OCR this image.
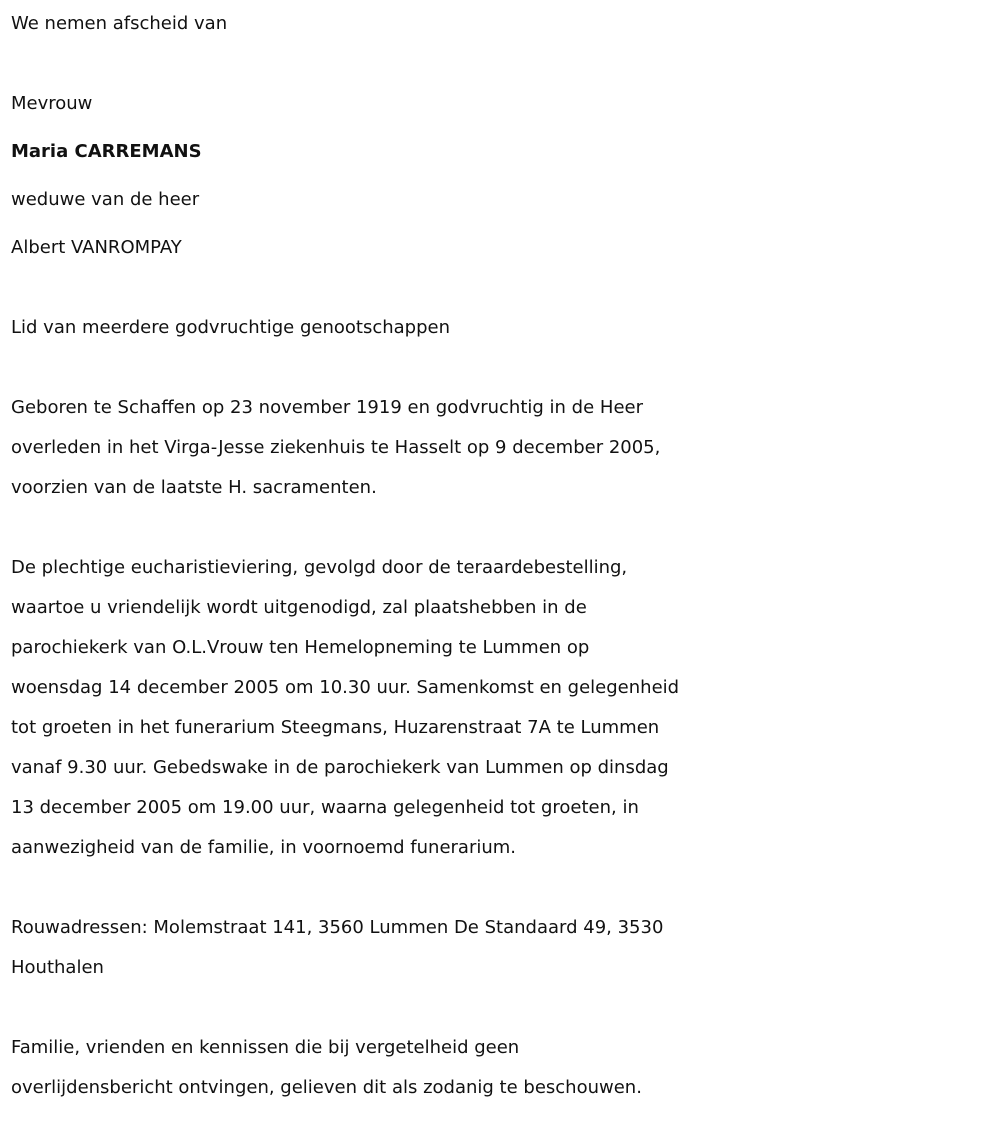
We nemen afscheid van

Mevrouw

Maria CARREMANS

weduwe van de heer

Albert VANROMPAY

Lid van meerdere godvruchtige genootschappen

Geboren te Schaffen op 23 november 1919 en godvruchtig in de Heer

overleden in het Virga-Jesse ziekenhuis te Hasselt op 9 december 2005,

voorzien van de laatste H. sacramenten.

De plechtige eucharistieviering, gevolgd door de teraardebestelling,

waartoe u vriendelijk wordt uitgenodigd, zal plaatshebben in de

parochiekerk van O.L.Vrouw ten Hemelopneming te Lummen op

woensdag 14 december 2005 om 10.30 uur. Samenkomst en gelegenheid

tot groeten in het funerarium Steegmans, Huzarenstraat 7A te Lummen

vanaf 9.30 uur. Gebedswake in de parochiekerk van Lummen op dinsdag

13 december 2005 om 19.00 uur, waarna gelegenheid tot groeten, in

aanwezigheid van de familie, in voornoemd funerarium.

Rouwadressen: Molemstraat 141, 3560 Lummen De Standaard 49, 3530

Houthalen

Familie, vrienden en kennissen die bij vergetelheid geen

overlijdensbericht ontvingen, gelieven dit als zodanig te beschouwen.
